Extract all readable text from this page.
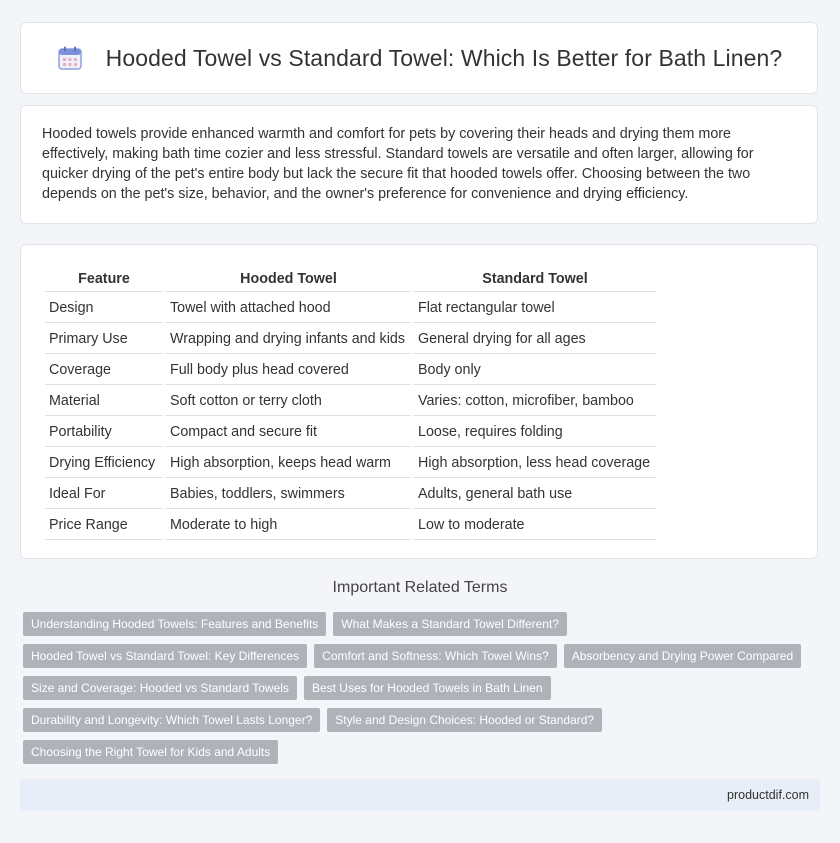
Hooded Towel vs Standard Towel: Which Is Better for Bath Linen?

Hooded towels provide enhanced warmth and comfort for pets by covering their heads and drying them more effectively, making bath time cozier and less stressful. Standard towels are versatile and often larger, allowing for quicker drying of the pet's entire body but lack the secure fit that hooded towels offer. Choosing between the two depends on the pet's size, behavior, and the owner's preference for convenience and drying efficiency.

Feature	Hooded Towel	Standard Towel
Design	Towel with attached hood	Flat rectangular towel
Primary Use	Wrapping and drying infants and kids	General drying for all ages
Coverage	Full body plus head covered	Body only
Material	Soft cotton or terry cloth	Varies: cotton, microfiber, bamboo
Portability	Compact and secure fit	Loose, requires folding
Drying Efficiency	High absorption, keeps head warm	High absorption, less head coverage
Ideal For	Babies, toddlers, swimmers	Adults, general bath use
Price Range	Moderate to high	Low to moderate
Important Related Terms
Understanding Hooded Towels: Features and Benefits	What Makes a Standard Towel Different?
Hooded Towel vs Standard Towel: Key Differences	Comfort and Softness: Which Towel Wins?	Absorbency and Drying Power Compared
Size and Coverage: Hooded vs Standard Towels	Best Uses for Hooded Towels in Bath Linen
Durability and Longevity: Which Towel Lasts Longer?	Style and Design Choices: Hooded or Standard?
Choosing the Right Towel for Kids and Adults
productdif.com
